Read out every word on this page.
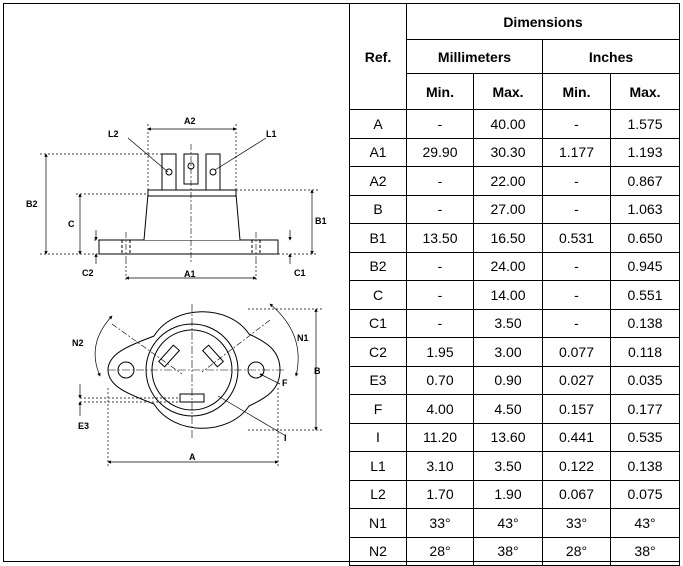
A2
L2	L1
B2
C	B1
C2	C1
A1
N2	N1
B
F
E3
I
A
Ref.	Dimensions			
	Millimeters		Inches	
	Min.	Max.	Min.	Max.
A	-	40.00	-	1.575
A1	29.90	30.30	1.177	1.193
A2	-	22.00	-	0.867
B	-	27.00	-	1.063
B1	13.50	16.50	0.531	0.650
B2	-	24.00	-	0.945
C	-	14.00	-	0.551
C1	-	3.50	-	0.138
C2	1.95	3.00	0.077	0.118
E3	0.70	0.90	0.027	0.035
F	4.00	4.50	0.157	0.177
I	11.20	13.60	0.441	0.535
L1	3.10	3.50	0.122	0.138
L2	1.70	1.90	0.067	0.075
N1	33°	43°	33°	43°
N2	28°	38°	28°	38°
